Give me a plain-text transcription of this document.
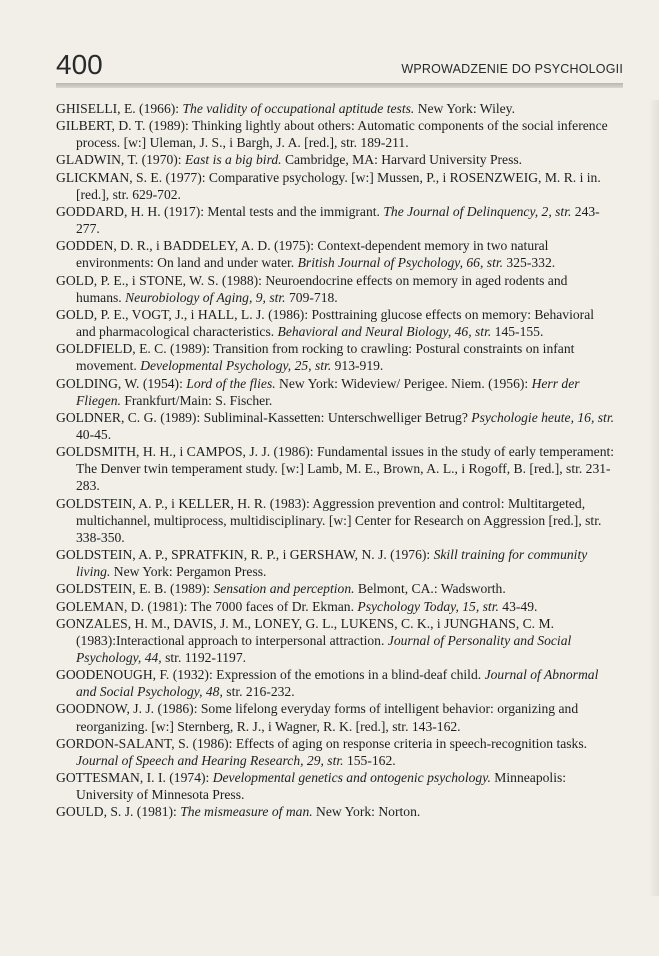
400	WPROWADZENIE DO PSYCHOLOGII

GHISELLI, E. (1966): The validity of occupational aptitude tests. New York: Wiley.

GILBERT, D. T. (1989): Thinking lightly about others: Automatic components of the social inference process. [w:] Uleman, J. S., i Bargh, J. A. [red.], str. 189-211.

GLADWIN, T. (1970): East is a big bird. Cambridge, MA: Harvard University Press.

GLICKMAN, S. E. (1977): Comparative psychology. [w:] Mussen, P., i ROSENZWEIG, M. R. i in. [red.], str. 629-702.

GODDARD, H. H. (1917): Mental tests and the immigrant. The Journal of Delinquency, 2, str. 243-277.

GODDEN, D. R., i BADDELEY, A. D. (1975): Context-dependent memory in two natural environments: On land and under water. British Journal of Psychology, 66, str. 325-332.

GOLD, P. E., i STONE, W. S. (1988): Neuroendocrine effects on memory in aged rodents and humans. Neurobiology of Aging, 9, str. 709-718.

GOLD, P. E., VOGT, J., i HALL, L. J. (1986): Posttraining glucose effects on memory: Behavioral and pharmacological characteristics. Behavioral and Neural Biology, 46, str. 145-155.

GOLDFIELD, E. C. (1989): Transition from rocking to crawling: Postural constraints on infant movement. Developmental Psychology, 25, str. 913-919.

GOLDING, W. (1954): Lord of the flies. New York: Wideview/ Perigee. Niem. (1956): Herr der Fliegen. Frankfurt/Main: S. Fischer.

GOLDNER, C. G. (1989): Subliminal-Kassetten: Unterschwelliger Betrug? Psychologie heute, 16, str. 40-45.

GOLDSMITH, H. H., i CAMPOS, J. J. (1986): Fundamental issues in the study of early temperament: The Denver twin temperament study. [w:] Lamb, M. E., Brown, A. L., i Rogoff, B. [red.], str. 231-283.

GOLDSTEIN, A. P., i KELLER, H. R. (1983): Aggression prevention and control: Multitargeted, multichannel, multiprocess, multidisciplinary. [w:] Center for Research on Aggression [red.], str. 338-350.

GOLDSTEIN, A. P., SPRATFKIN, R. P., i GERSHAW, N. J. (1976): Skill training for community living. New York: Pergamon Press.

GOLDSTEIN, E. B. (1989): Sensation and perception. Belmont, CA.: Wadsworth.

GOLEMAN, D. (1981): The 7000 faces of Dr. Ekman. Psychology Today, 15, str. 43-49.

GONZALES, H. M., DAVIS, J. M., LONEY, G. L., LUKENS, C. K., i JUNGHANS, C. M. (1983):Interactional approach to interpersonal attraction. Journal of Personality and Social Psychology, 44, str. 1192-1197.

GOODENOUGH, F. (1932): Expression of the emotions in a blind-deaf child. Journal of Abnormal and Social Psychology, 48, str. 216-232.

GOODNOW, J. J. (1986): Some lifelong everyday forms of intelligent behavior: organizing and reorganizing. [w:] Sternberg, R. J., i Wagner, R. K. [red.], str. 143-162.

GORDON-SALANT, S. (1986): Effects of aging on response criteria in speech-recognition tasks. Journal of Speech and Hearing Research, 29, str. 155-162.

GOTTESMAN, I. I. (1974): Developmental genetics and ontogenic psychology. Minneapolis: University of Minnesota Press.

GOULD, S. J. (1981): The mismeasure of man. New York: Norton.
